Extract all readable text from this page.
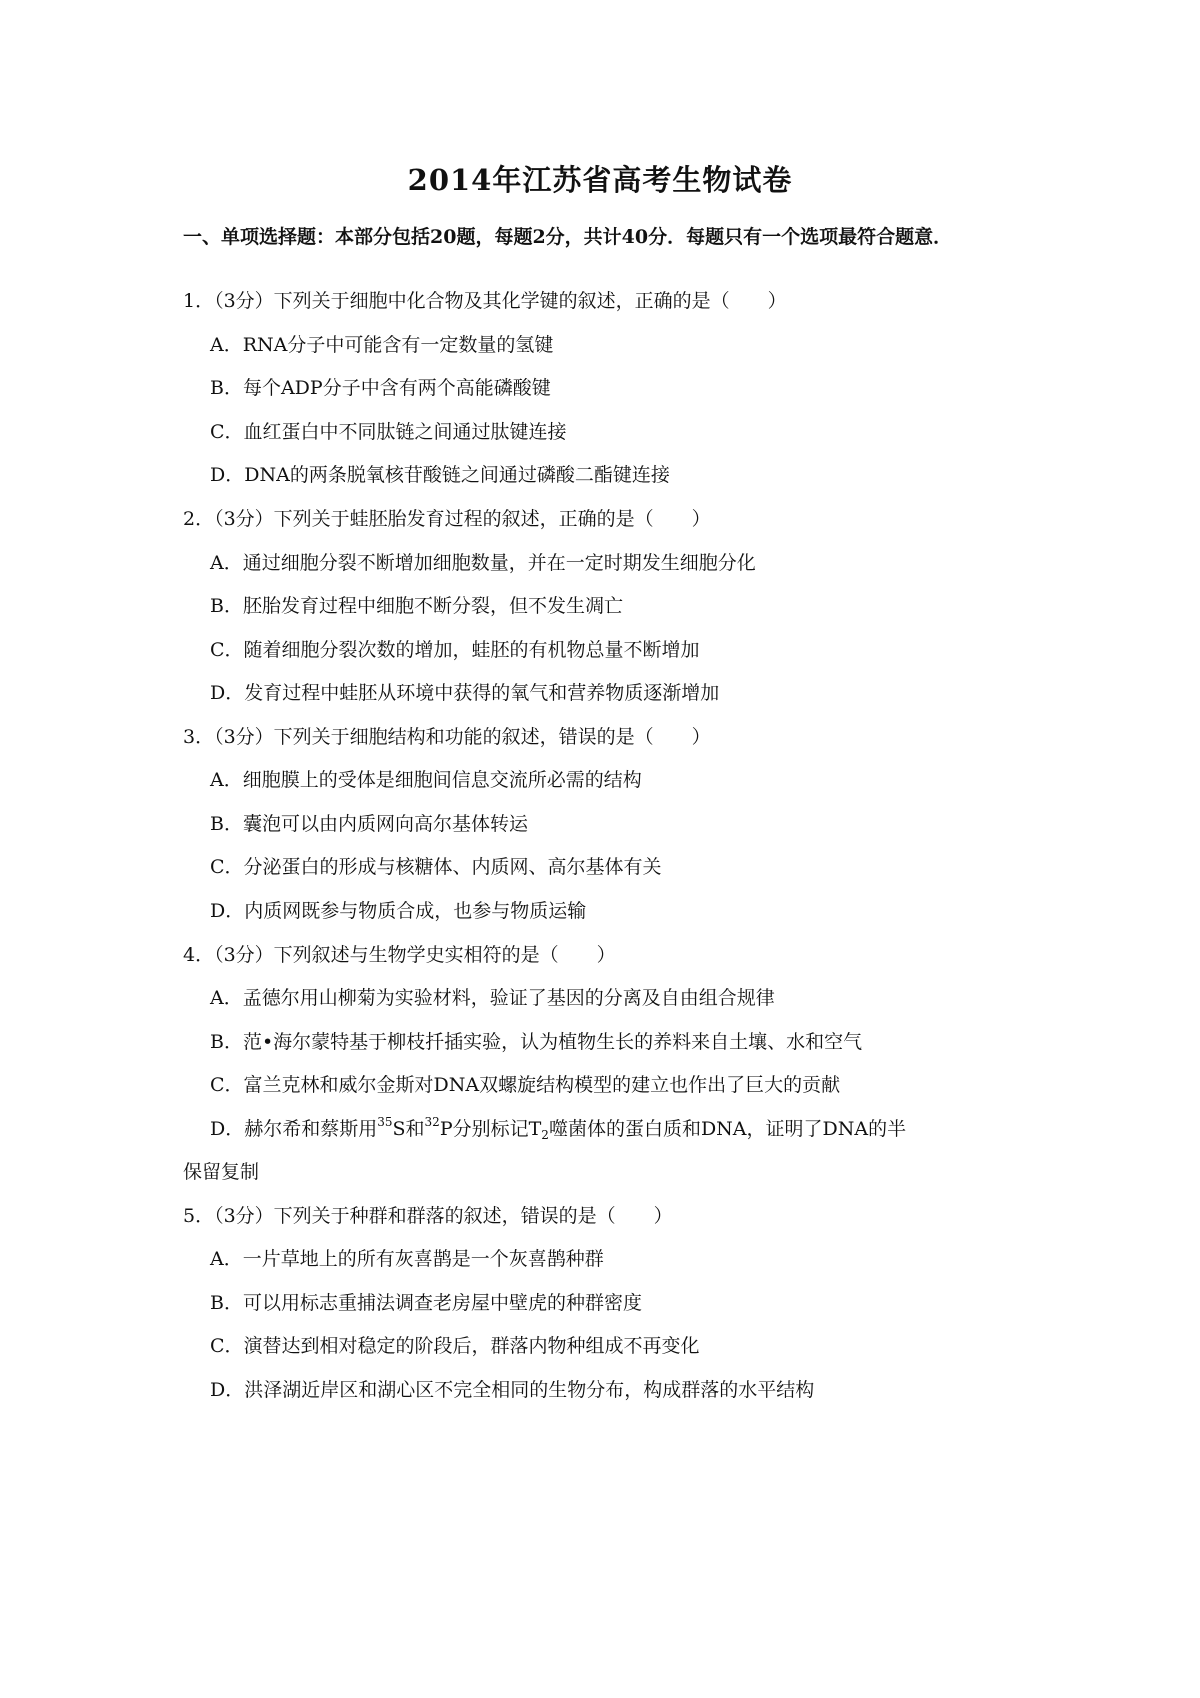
2014年江苏省高考生物试卷
一、单项选择题：本部分包括20题，每题2分，共计40分．每题只有一个选项最符合题意．
1．（3分）下列关于细胞中化合物及其化学键的叙述，正确的是（　　）
A．RNA分子中可能含有一定数量的氢键
B．每个ADP分子中含有两个高能磷酸键
C．血红蛋白中不同肽链之间通过肽键连接
D．DNA的两条脱氧核苷酸链之间通过磷酸二酯键连接
2．（3分）下列关于蛙胚胎发育过程的叙述，正确的是（　　）
A．通过细胞分裂不断增加细胞数量，并在一定时期发生细胞分化
B．胚胎发育过程中细胞不断分裂，但不发生凋亡
C．随着细胞分裂次数的增加，蛙胚的有机物总量不断增加
D．发育过程中蛙胚从环境中获得的氧气和营养物质逐渐增加
3．（3分）下列关于细胞结构和功能的叙述，错误的是（　　）
A．细胞膜上的受体是细胞间信息交流所必需的结构
B．囊泡可以由内质网向高尔基体转运
C．分泌蛋白的形成与核糖体、内质网、高尔基体有关
D．内质网既参与物质合成，也参与物质运输
4．（3分）下列叙述与生物学史实相符的是（　　）
A．孟德尔用山柳菊为实验材料，验证了基因的分离及自由组合规律
B．范•海尔蒙特基于柳枝扦插实验，认为植物生长的养料来自土壤、水和空气
C．富兰克林和威尔金斯对DNA双螺旋结构模型的建立也作出了巨大的贡献
D．赫尔希和蔡斯用$^{35}$S和$^{32}$P分别标记$T_2$噬菌体的蛋白质和DNA，证明了DNA的半
保留复制
5．（3分）下列关于种群和群落的叙述，错误的是（　　）
A．一片草地上的所有灰喜鹊是一个灰喜鹊种群
B．可以用标志重捕法调查老房屋中壁虎的种群密度
C．演替达到相对稳定的阶段后，群落内物种组成不再变化
D．洪泽湖近岸区和湖心区不完全相同的生物分布，构成群落的水平结构
